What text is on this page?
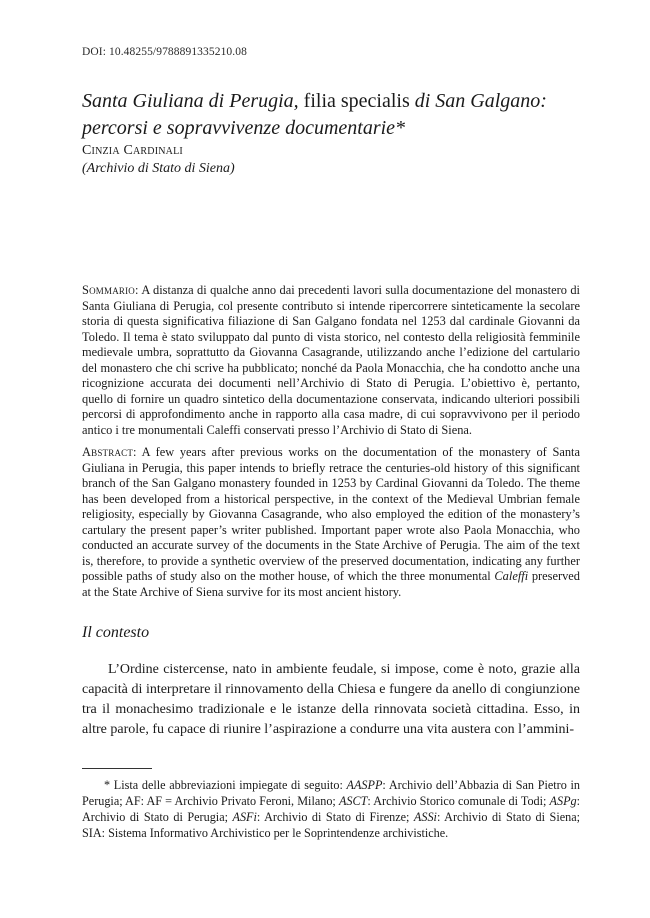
DOI: 10.48255/9788891335210.08
Santa Giuliana di Perugia, filia specialis di San Galgano:
percorsi e sopravvivenze documentarie*
Cinzia Cardinali
(Archivio di Stato di Siena)

Sommario: A distanza di qualche anno dai precedenti lavori sulla documentazione del monastero di Santa Giuliana di Perugia, col presente contributo si intende ripercorrere sinteticamente la secolare storia di questa significativa filiazione di San Galgano fondata nel 1253 dal cardinale Giovanni da Toledo. Il tema è stato sviluppato dal punto di vista storico, nel contesto della religiosità femminile medievale umbra, soprattutto da Giovanna Casagrande, utilizzando anche l’edizione del cartulario del monastero che chi scrive ha pubblicato; nonché da Paola Monacchia, che ha condotto anche una ricognizione accurata dei documenti nell’Archivio di Stato di Perugia. L’obiettivo è, pertanto, quello di fornire un quadro sintetico della documentazione conservata, indicando ulteriori possibili percorsi di approfondimento anche in rapporto alla casa madre, di cui sopravvivono per il periodo antico i tre monumentali Caleffi conservati presso l’Archivio di Stato di Siena.

Abstract: A few years after previous works on the documentation of the monastery of Santa Giuliana in Perugia, this paper intends to briefly retrace the centuries-old history of this significant branch of the San Galgano monastery founded in 1253 by Cardinal Giovanni da Toledo. The theme has been developed from a historical perspective, in the context of the Medieval Umbrian female religiosity, especially by Giovanna Casagrande, who also employed the edition of the monastery’s cartulary the present paper’s writer published. Important paper wrote also Paola Monacchia, who conducted an accurate survey of the documents in the State Archive of Perugia. The aim of the text is, therefore, to provide a synthetic overview of the preserved documentation, indicating any further possible paths of study also on the mother house, of which the three monumental Caleffi preserved at the State Archive of Siena survive for its most ancient history.

Il contesto

L’Ordine cistercense, nato in ambiente feudale, si impose, come è noto, grazie alla capacità di interpretare il rinnovamento della Chiesa e fungere da anello di congiunzione tra il monachesimo tradizionale e le istanze della rinnovata società cittadina. Esso, in altre parole, fu capace di riunire l’aspirazione a condurre una vita austera con l’ammini-

* Lista delle abbreviazioni impiegate di seguito: AASPP: Archivio dell’Abbazia di San Pietro in Perugia; AF: AF = Archivio Privato Feroni, Milano; ASCT: Archivio Storico comunale di Todi; ASPg: Archivio di Stato di Perugia; ASFi: Archivio di Stato di Firenze; ASSi: Archivio di Stato di Siena; SIA: Sistema Informativo Archivistico per le Soprintendenze archivistiche.
